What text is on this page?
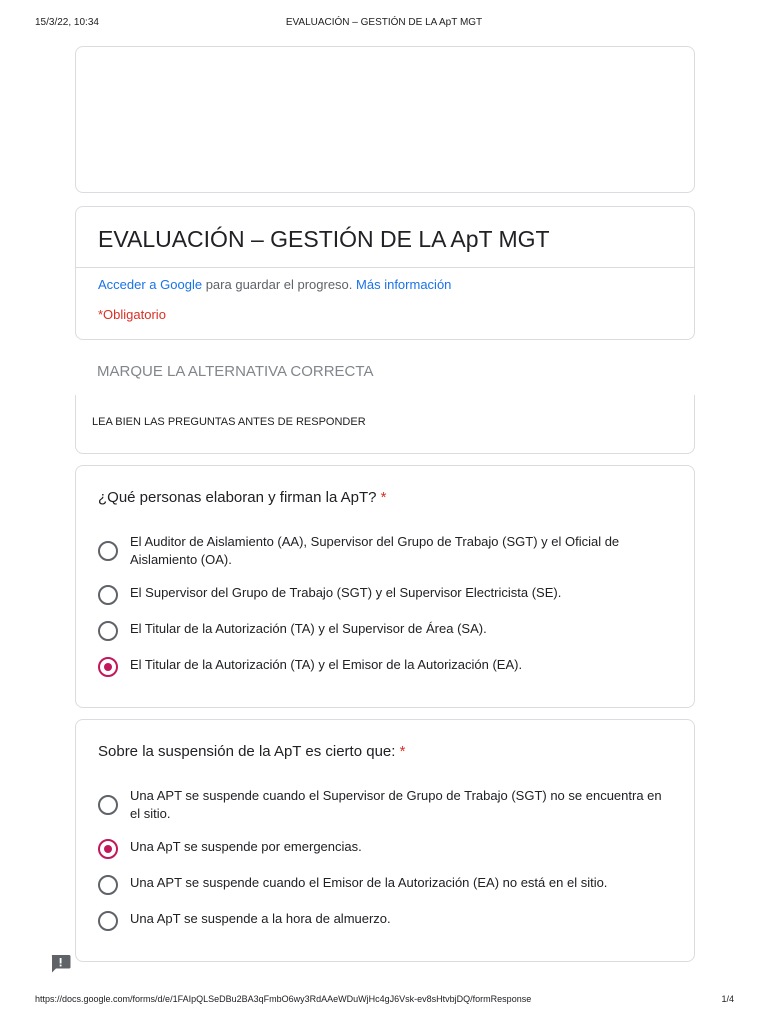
15/3/22, 10:34	EVALUACIÓN – GESTIÓN DE LA ApT MGT
EVALUACIÓN – GESTIÓN DE LA ApT MGT
Acceder a Google para guardar el progreso. Más información
*Obligatorio
MARQUE LA ALTERNATIVA CORRECTA
LEA BIEN LAS PREGUNTAS ANTES DE RESPONDER
¿Qué personas elaboran y firman la ApT? *
El Auditor de Aislamiento (AA), Supervisor del Grupo de Trabajo (SGT) y el Oficial de Aislamiento (OA).
El Supervisor del Grupo de Trabajo (SGT) y el Supervisor Electricista (SE).
El Titular de la Autorización (TA) y el Supervisor de Área (SA).
El Titular de la Autorización (TA) y el Emisor de la Autorización (EA).
Sobre la suspensión de la ApT es cierto que: *
Una APT se suspende cuando el Supervisor de Grupo de Trabajo (SGT) no se encuentra en el sitio.
Una ApT se suspende por emergencias.
Una APT se suspende cuando el Emisor de la Autorización (EA) no está en el sitio.
Una ApT se suspende a la hora de almuerzo.
https://docs.google.com/forms/d/e/1FAIpQLSeDBu2BA3qFmbO6wy3RdAAeWDuWjHc4gJ6Vsk-ev8sHtvbjDQ/formResponse	1/4
